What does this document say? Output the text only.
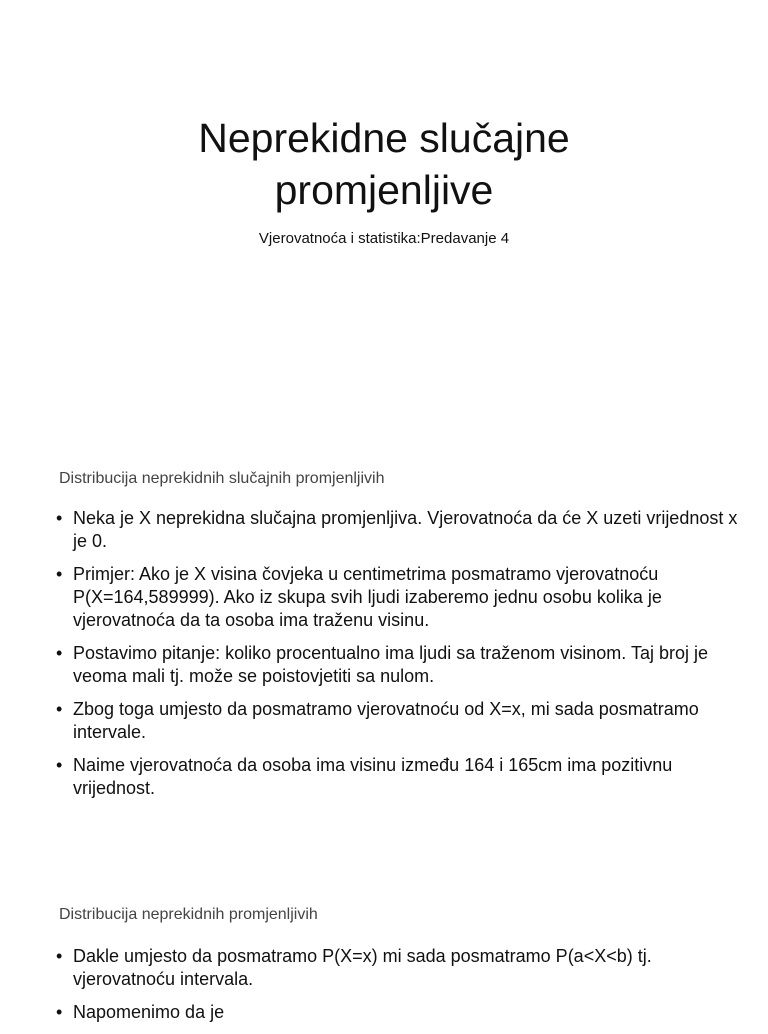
Neprekidne slučajne
promjenljive
Vjerovatnoća i statistika:Predavanje 4
Distribucija neprekidnih slučajnih promjenljivih
• Neka je X neprekidna slučajna promjenljiva. Vjerovatnoća da će X uzeti vrijednost x je 0.
• Primjer: Ako je X visina čovjeka u centimetrima posmatramo vjerovatnoću P(X=164,589999). Ako iz skupa svih ljudi izaberemo jednu osobu kolika je vjerovatnoća da ta osoba ima traženu visinu.
• Postavimo pitanje: koliko procentualno ima ljudi sa traženom visinom. Taj broj je veoma mali tj. može se poistovjetiti sa nulom.
• Zbog toga umjesto da posmatramo vjerovatnoću od X=x, mi sada posmatramo intervale.
• Naime vjerovatnoća da osoba ima visinu između 164 i 165cm ima pozitivnu vrijednost.
Distribucija neprekidnih promjenljivih
• Dakle umjesto da posmatramo P(X=x) mi sada posmatramo P(a<X<b) tj. vjerovatnoću intervala.
• Napomenimo da je
